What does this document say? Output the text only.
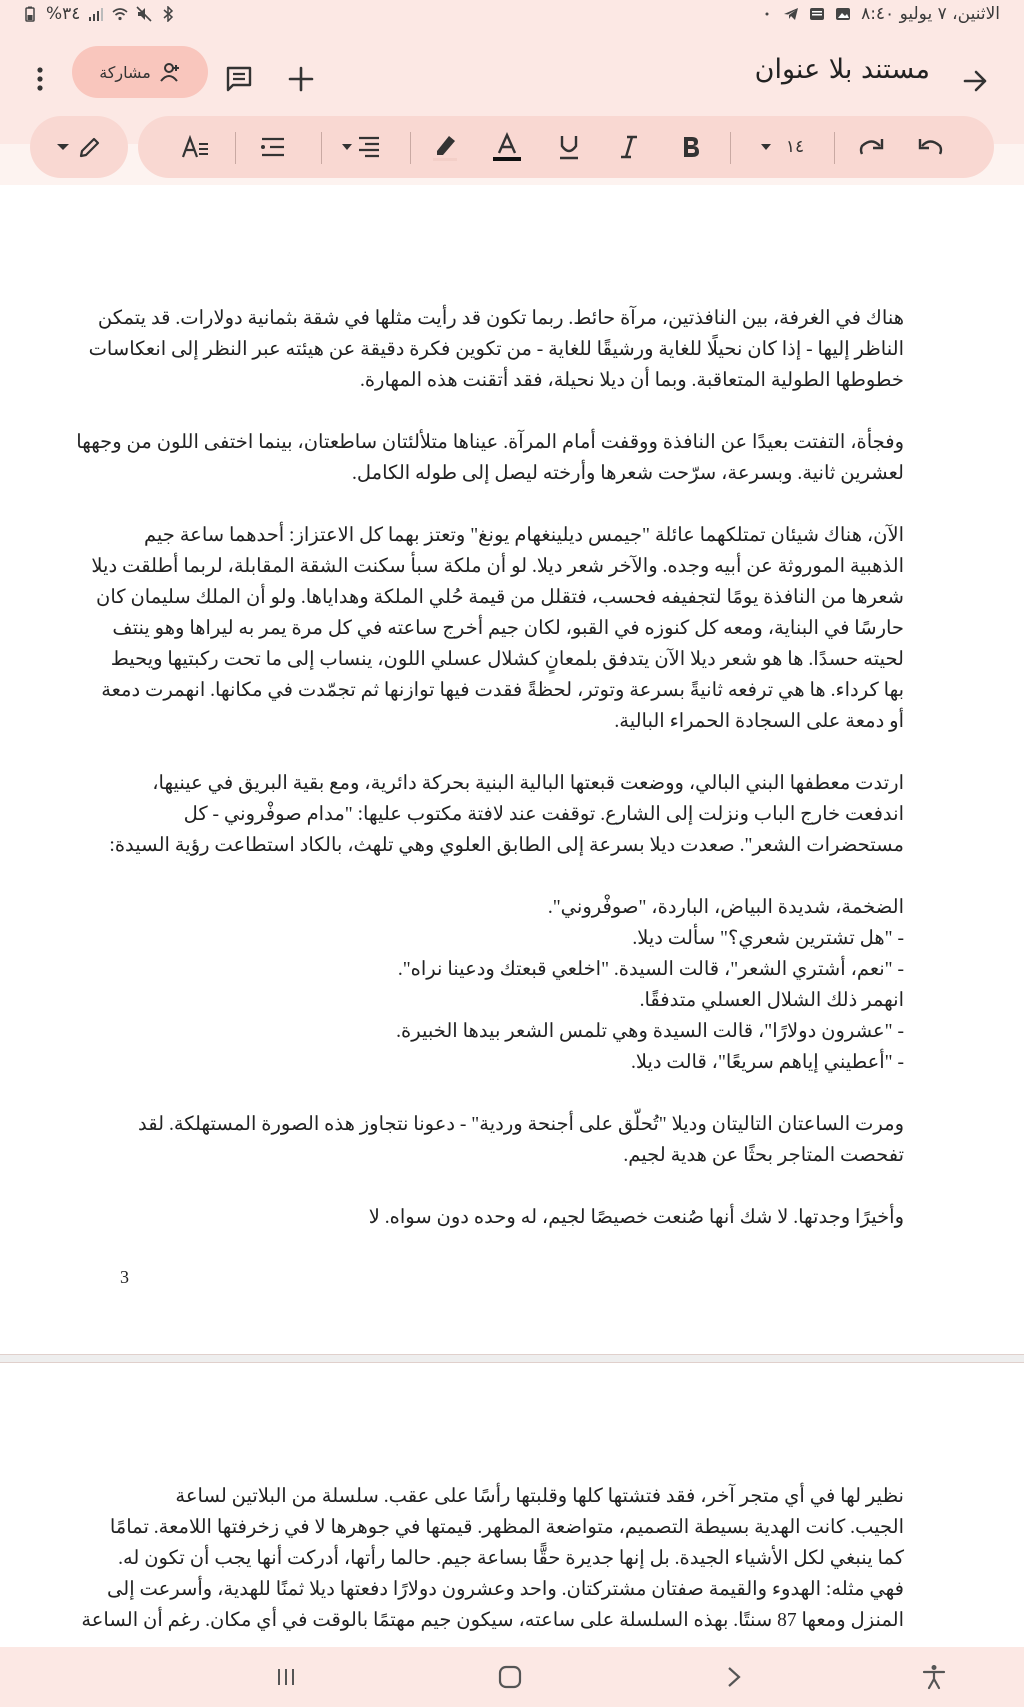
%٣٤	الاثنين، ٧ يوليو ٨:٤٠
مستند بلا عنوان
مشاركة
١٤
هناك في الغرفة، بين النافذتين، مرآة حائط. ربما تكون قد رأيت مثلها في شقة بثمانية دولارات. قد يتمكن
الناظر إليها - إذا كان نحيلًا للغاية ورشيقًا للغاية - من تكوين فكرة دقيقة عن هيئته عبر النظر إلى انعكاسات
خطوطها الطولية المتعاقبة. وبما أن ديلا نحيلة، فقد أتقنت هذه المهارة.
وفجأة، التفتت بعيدًا عن النافذة ووقفت أمام المرآة. عيناها متلألئتان ساطعتان، بينما اختفى اللون من وجهها
لعشرين ثانية. وبسرعة، سرّحت شعرها وأرخته ليصل إلى طوله الكامل.
الآن، هناك شيئان تمتلكهما عائلة "جيمس ديلينغهام يونغ" وتعتز بهما كل الاعتزاز: أحدهما ساعة جيم
الذهبية الموروثة عن أبيه وجده. والآخر شعر ديلا. لو أن ملكة سبأ سكنت الشقة المقابلة، لربما أطلقت ديلا
شعرها من النافذة يومًا لتجفيفه فحسب، فتقلل من قيمة حُلي الملكة وهداياها. ولو أن الملك سليمان كان
حارسًا في البناية، ومعه كل كنوزه في القبو، لكان جيم أخرج ساعته في كل مرة يمر به ليراها وهو ينتف
لحيته حسدًا. ها هو شعر ديلا الآن يتدفق بلمعانٍ كشلال عسلي اللون، ينساب إلى ما تحت ركبتيها ويحيط
بها كرداء. ها هي ترفعه ثانيةً بسرعة وتوتر، لحظةً فقدت فيها توازنها ثم تجمّدت في مكانها. انهمرت دمعة
أو دمعة على السجادة الحمراء البالية.
ارتدت معطفها البني البالي، ووضعت قبعتها البالية البنية بحركة دائرية، ومع بقية البريق في عينيها،
اندفعت خارج الباب ونزلت إلى الشارع. توقفت عند لافتة مكتوب عليها: "مدام صوفْروني - كل
مستحضرات الشعر". صعدت ديلا بسرعة إلى الطابق العلوي وهي تلهث، بالكاد استطاعت رؤية السيدة:
الضخمة، شديدة البياض، الباردة، "صوفْروني".
- "هل تشترين شعري؟" سألت ديلا.
- "نعم، أشتري الشعر"، قالت السيدة. "اخلعي قبعتك ودعينا نراه".
انهمر ذلك الشلال العسلي متدفقًا.
- "عشرون دولارًا"، قالت السيدة وهي تلمس الشعر بيدها الخبيرة.
- "أعطيني إياهم سريعًا"، قالت ديلا.
ومرت الساعتان التاليتان وديلا "تُحلّق على أجنحة وردية" - دعونا نتجاوز هذه الصورة المستهلكة. لقد
تفحصت المتاجر بحثًا عن هدية لجيم.
وأخيرًا وجدتها. لا شك أنها صُنعت خصيصًا لجيم، له وحده دون سواه. لا
3
نظير لها في أي متجر آخر، فقد فتشتها كلها وقلبتها رأسًا على عقب. سلسلة من البلاتين لساعة
الجيب. كانت الهدية بسيطة التصميم، متواضعة المظهر. قيمتها في جوهرها لا في زخرفتها اللامعة. تمامًا
كما ينبغي لكل الأشياء الجيدة. بل إنها جديرة حقًّا بساعة جيم. حالما رأتها، أدركت أنها يجب أن تكون له.
فهي مثله: الهدوء والقيمة صفتان مشتركتان. واحد وعشرون دولارًا دفعتها ديلا ثمنًا للهدية، وأسرعت إلى
المنزل ومعها 87 سنتًا. بهذه السلسلة على ساعته، سيكون جيم مهتمًا بالوقت في أي مكان. رغم أن الساعة
